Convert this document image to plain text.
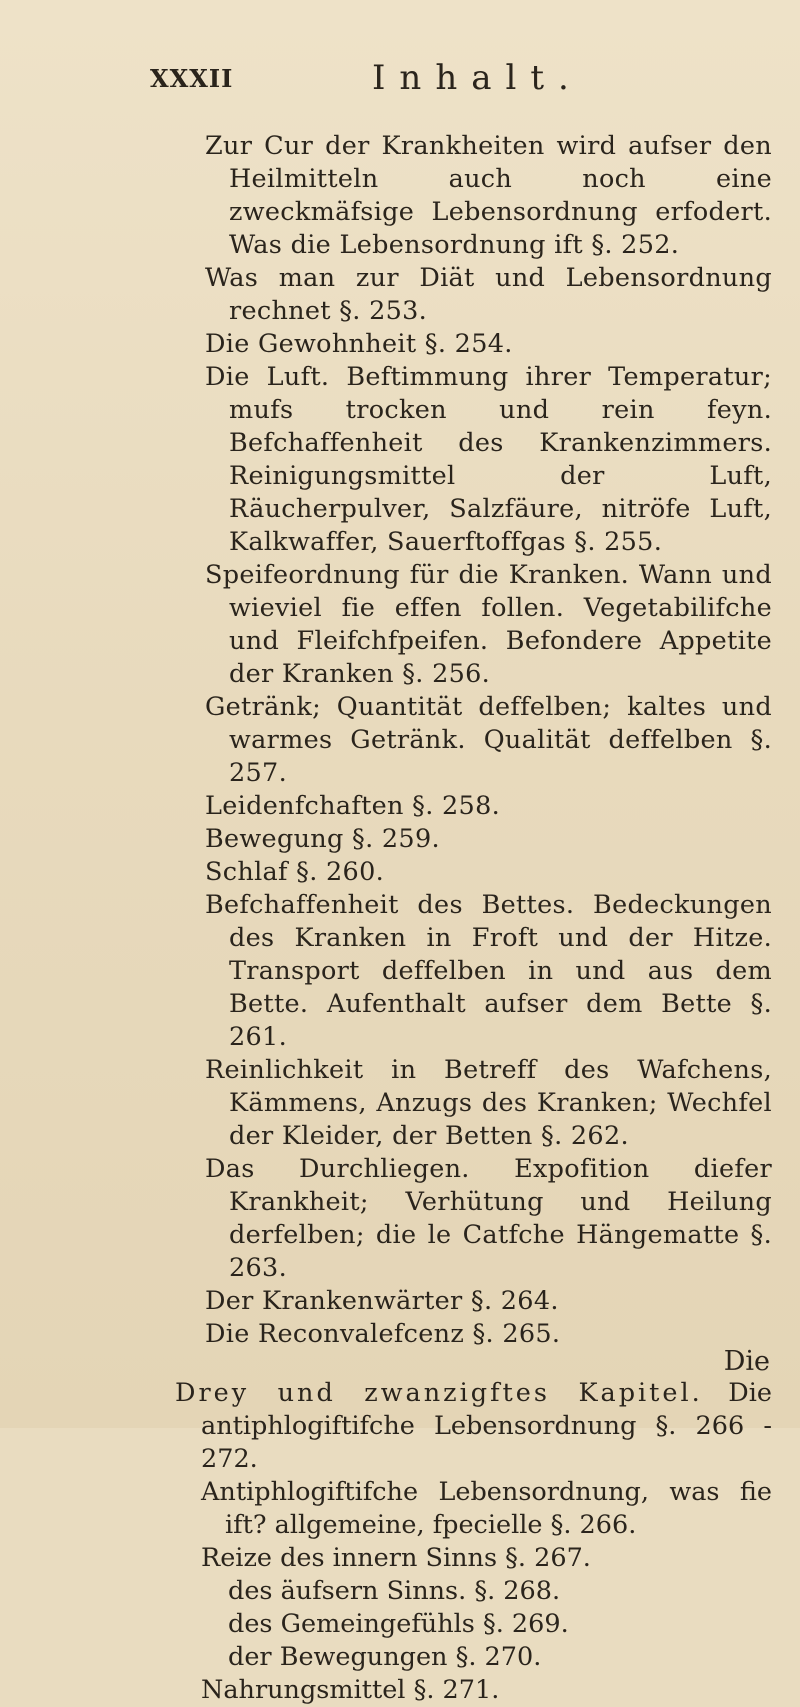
XXXII	Inhalt.
Zur Cur der Krankheiten wird aufser den Heilmitteln auch noch eine zweckmäfsige Lebensordnung erfodert. Was die Lebensordnung ift §. 252.
Was man zur Diät und Lebensordnung rechnet §. 253.
Die Gewohnheit §. 254.
Die Luft. Beftimmung ihrer Temperatur; mufs trocken und rein feyn. Befchaffenheit des Krankenzimmers. Reinigungsmittel der Luft, Räucherpulver, Salzfäure, nitröfe Luft, Kalkwaffer, Sauerftoffgas §. 255.
Speifeordnung für die Kranken. Wann und wieviel fie effen follen. Vegetabilifche und Fleifchfpeifen. Befondere Appetite der Kranken §. 256.
Getränk; Quantität deffelben; kaltes und warmes Getränk. Qualität deffelben §. 257.
Leidenfchaften §. 258.
Bewegung §. 259.
Schlaf §. 260.
Befchaffenheit des Bettes. Bedeckungen des Kranken in Froft und der Hitze. Transport deffelben in und aus dem Bette. Aufenthalt aufser dem Bette §. 261.
Reinlichkeit in Betreff des Wafchens, Kämmens, Anzugs des Kranken; Wechfel der Kleider, der Betten §. 262.
Das Durchliegen. Expofition diefer Krankheit; Verhütung und Heilung derfelben; die le Catfche Hängematte §. 263.
Der Krankenwärter §. 264.
Die Reconvalefcenz §. 265.
Drey und zwanzigftes Kapitel. Die antiphlogiftifche Lebensordnung §. 266 - 272.
Antiphlogiftifche Lebensordnung, was fie ift? allgemeine, fpecielle §. 266.
Reize des innern Sinns §. 267.
des äufsern Sinns. §. 268.
des Gemeingefühls §. 269.
der Bewegungen §. 270.
Nahrungsmittel §. 271.
Die
